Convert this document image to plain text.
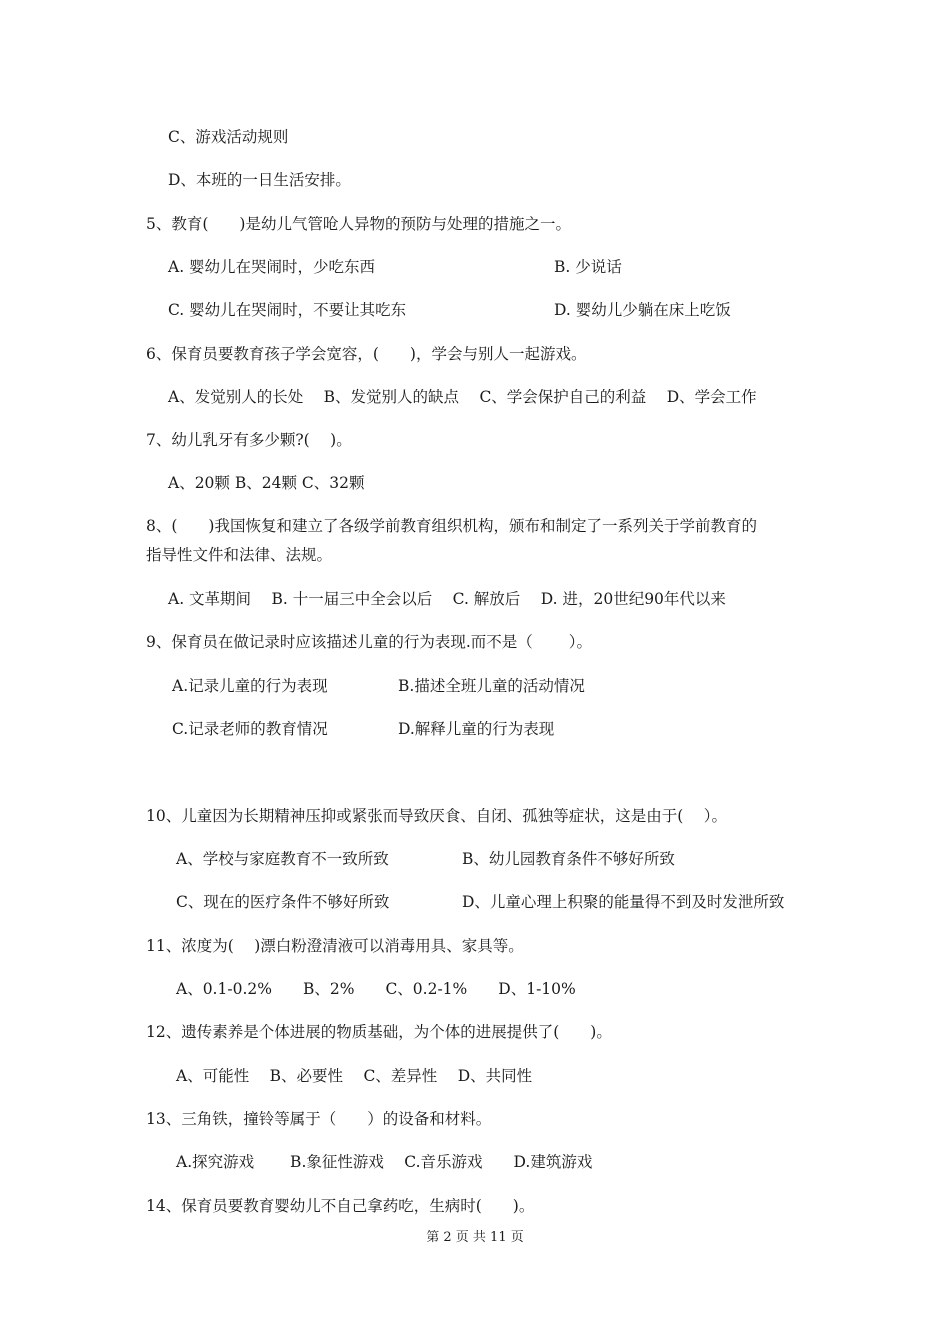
C、游戏活动规则
D、本班的一日生活安排。
5、教育(　　)是幼儿气管呛人异物的预防与处理的措施之一。
A. 婴幼儿在哭闹时，少吃东西	B. 少说话
C. 婴幼儿在哭闹时，不要让其吃东	D. 婴幼儿少躺在床上吃饭
6、保育员要教育孩子学会宽容，(　　)，学会与别人一起游戏。
A、发觉别人的长处　 B、发觉别人的缺点　 C、学会保护自己的利益　 D、学会工作
7、幼儿乳牙有多少颗?(　 )。
A、20颗 B、24颗 C、32颗
8、(　　)我国恢复和建立了各级学前教育组织机构，颁布和制定了一系列关于学前教育的
指导性文件和法律、法规。
A. 文革期间　 B. 十一届三中全会以后　 C. 解放后　 D. 进，20世纪90年代以来
9、保育员在做记录时应该描述儿童的行为表现.而不是（　　 ）。
A.记录儿童的行为表现	B.描述全班儿童的活动情况
C.记录老师的教育情况	D.解释儿童的行为表现
10、儿童因为长期精神压抑或紧张而导致厌食、自闭、孤独等症状，这是由于(　 ）。
A、学校与家庭教育不一致所致	B、幼儿园教育条件不够好所致
C、现在的医疗条件不够好所致	D、儿童心理上积聚的能量得不到及时发泄所致
11、浓度为(　 )漂白粉澄清液可以消毒用具、家具等。
A、0.1-0.2%　　B、2%　　C、0.2-1%　　D、1-10%
12、遗传素养是个体进展的物质基础，为个体的进展提供了(　　)。
A、可能性　 B、必要性　 C、差异性　 D、共同性
13、三角铁，撞铃等属于（　　）的设备和材料。
A.探究游戏　　 B.象征性游戏　 C.音乐游戏　　D.建筑游戏
14、保育员要教育婴幼儿不自己拿药吃，生病时(　　)。
第 2 页 共 11 页
